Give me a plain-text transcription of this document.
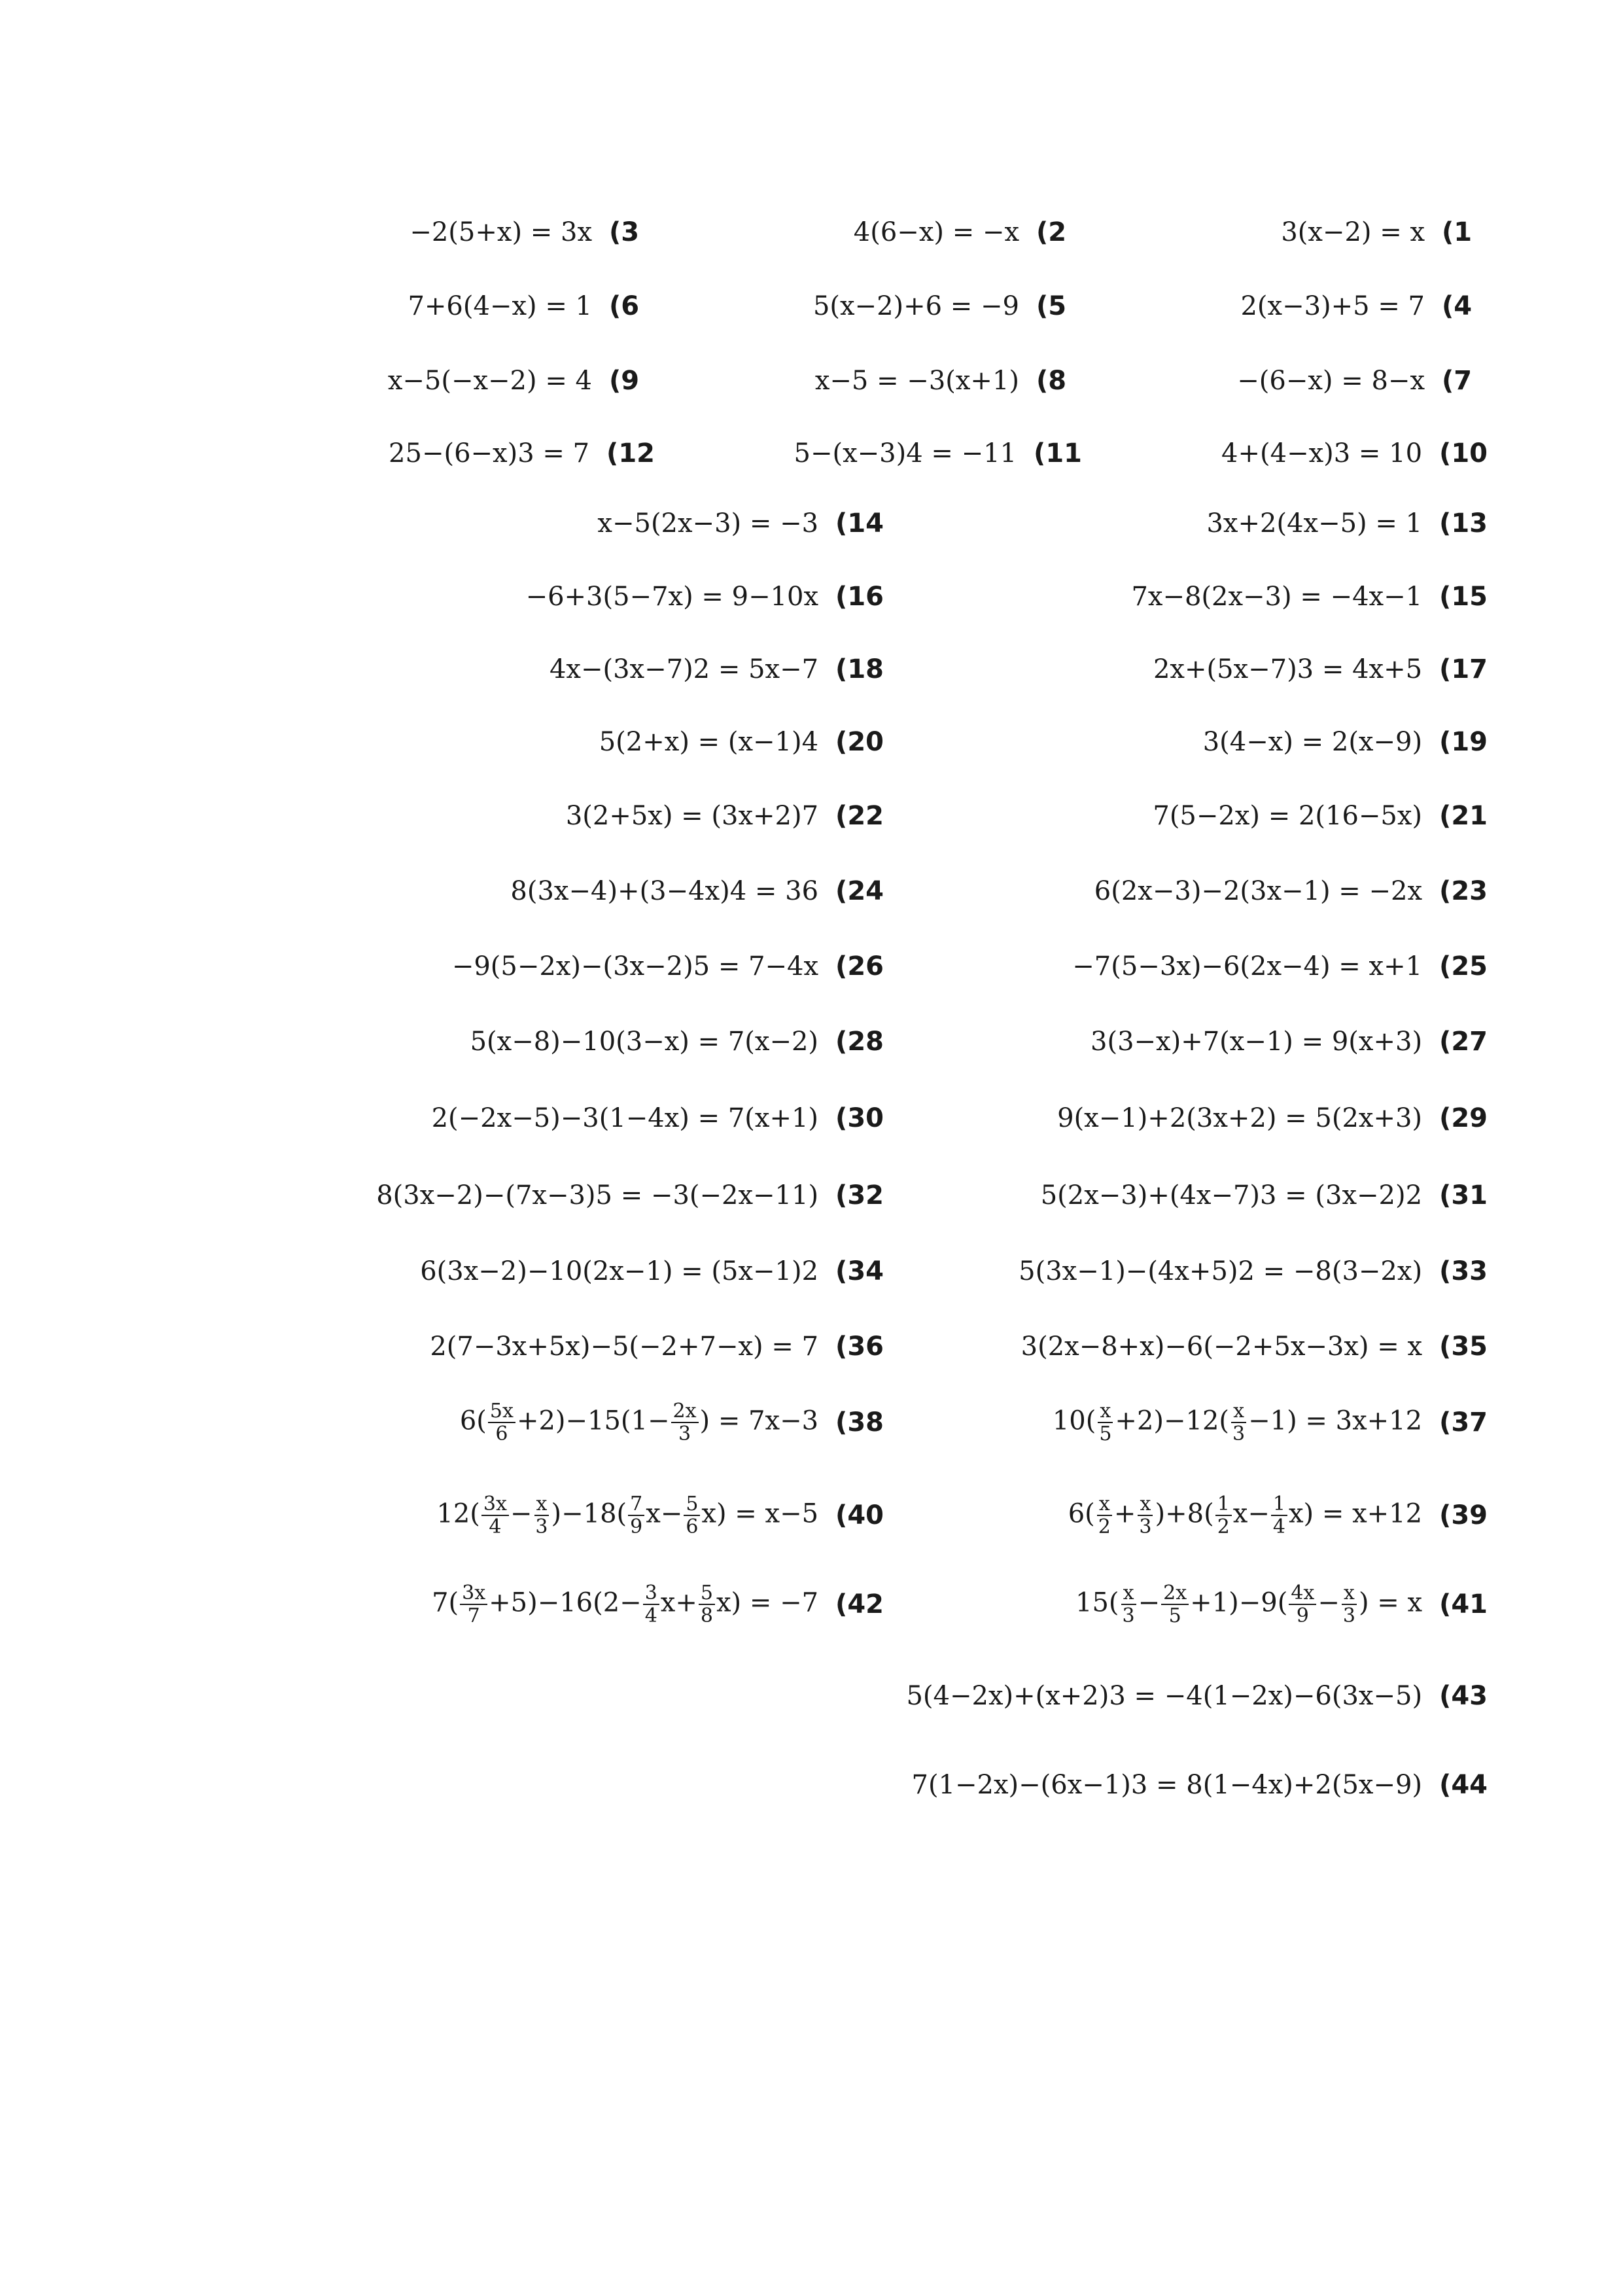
3(x−2) = x (1
4(6−x) = −x (2
−2(5+x) = 3x (3
2(x−3)+5 = 7 (4
5(x−2)+6 = −9 (5
7+6(4−x) = 1 (6
−(6−x) = 8−x (7
x−5 = −3(x+1) (8
x−5(−x−2) = 4 (9
4+(4−x)3 = 10 (10
5−(x−3)4 = −11 (11
25−(6−x)3 = 7 (12
3x+2(4x−5) = 1 (13
x−5(2x−3) = −3 (14
7x−8(2x−3) = −4x−1 (15
−6+3(5−7x) = 9−10x (16
2x+(5x−7)3 = 4x+5 (17
4x−(3x−7)2 = 5x−7 (18
3(4−x) = 2(x−9) (19
5(2+x) = (x−1)4 (20
7(5−2x) = 2(16−5x) (21
3(2+5x) = (3x+2)7 (22
6(2x−3)−2(3x−1) = −2x (23
8(3x−4)+(3−4x)4 = 36 (24
−7(5−3x)−6(2x−4) = x+1 (25
−9(5−2x)−(3x−2)5 = 7−4x (26
3(3−x)+7(x−1) = 9(x+3) (27
5(x−8)−10(3−x) = 7(x−2) (28
9(x−1)+2(3x+2) = 5(2x+3) (29
2(−2x−5)−3(1−4x) = 7(x+1) (30
5(2x−3)+(4x−7)3 = (3x−2)2 (31
8(3x−2)−(7x−3)5 = −3(−2x−11) (32
5(3x−1)−(4x+5)2 = −8(3−2x) (33
6(3x−2)−10(2x−1) = (5x−1)2 (34
3(2x−8+x)−6(−2+5x−3x) = x (35
2(7−3x+5x)−5(−2+7−x) = 7 (36
$10( \frac{x}{5} +2)-12( \frac{x}{3} -1) = 3x+12$ (37
$6( \frac{5x}{6} +2)-15(1- \frac{2x}{3}$ ) = 7x−3 (38
$6( \frac{x}{2} + \frac{x}{3} )+8( \frac{1}{2} x- \frac{1}{4} x) = x+12$ (39
$12( \frac{3x}{4} - \frac{x}{3} )-18( \frac{7}{9} x- \frac{5}{6} x) = x-5$ (40
$15( \frac{x}{3} - \frac{2x}{5} +1)-9( \frac{4x}{9} - \frac{x}{3}$ ) = x (41
$7( \frac{3x}{7} +5)-16(2- \frac{3}{4} x+ \frac{5}{8} x) = -7$ (42
5(4−2x)+(x+2)3 = −4(1−2x)−6(3x−5) (43
7(1−2x)−(6x−1)3 = 8(1−4x)+2(5x−9) (44
